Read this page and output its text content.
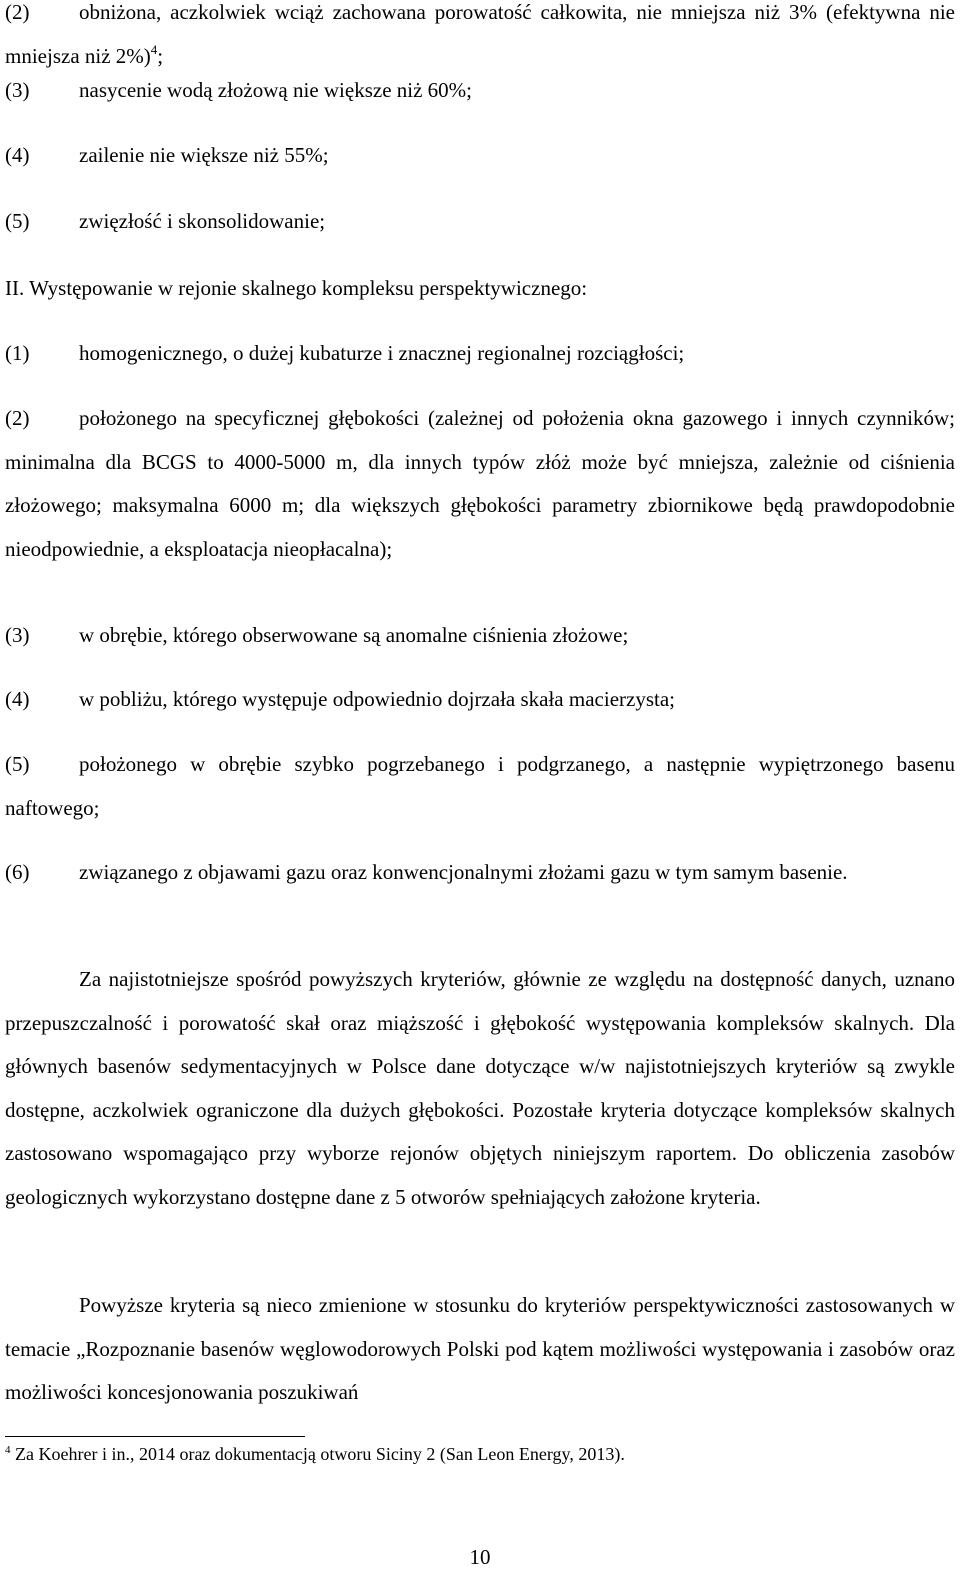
(2)	obniżona, aczkolwiek wciąż zachowana porowatość całkowita, nie mniejsza niż 3% (efektywna nie mniejsza niż 2%)$^4$;
(3)	nasycenie wodą złożową nie większe niż 60%;
(4)	zailenie nie większe niż 55%;
(5)	zwięzłość i skonsolidowanie;
II. Występowanie w rejonie skalnego kompleksu perspektywicznego:
(1)	homogenicznego, o dużej kubaturze i znacznej regionalnej rozciągłości;
(2)	położonego na specyficznej głębokości (zależnej od położenia okna gazowego i innych czynników; minimalna dla BCGS to 4000-5000 m, dla innych typów złóż może być mniejsza, zależnie od ciśnienia złożowego; maksymalna 6000 m; dla większych głębokości parametry zbiornikowe będą prawdopodobnie nieodpowiednie, a eksploatacja nieopłacalna);
(3)	w obrębie, którego obserwowane są anomalne ciśnienia złożowe;
(4)	w pobliżu, którego występuje odpowiednio dojrzała skała macierzysta;
(5)	położonego w obrębie szybko pogrzebanego i podgrzanego, a następnie wypiętrzonego basenu naftowego;
(6)	związanego z objawami gazu oraz konwencjonalnymi złożami gazu w tym samym basenie.
Za najistotniejsze spośród powyższych kryteriów, głównie ze względu na dostępność danych, uznano przepuszczalność i porowatość skał oraz miąższość i głębokość występowania kompleksów skalnych. Dla głównych basenów sedymentacyjnych w Polsce dane dotyczące w/w najistotniejszych kryteriów są zwykle dostępne, aczkolwiek ograniczone dla dużych głębokości. Pozostałe kryteria dotyczące kompleksów skalnych zastosowano wspomagająco przy wyborze rejonów objętych niniejszym raportem. Do obliczenia zasobów geologicznych wykorzystano dostępne dane z 5 otworów spełniających założone kryteria.
Powyższe kryteria są nieco zmienione w stosunku do kryteriów perspektywiczności zastosowanych w temacie „Rozpoznanie basenów węglowodorowych Polski pod kątem możliwości występowania i zasobów oraz możliwości koncesjonowania poszukiwań
$^4$ Za Koehrer i in., 2014 oraz dokumentacją otworu Siciny 2 (San Leon Energy, 2013).
10
